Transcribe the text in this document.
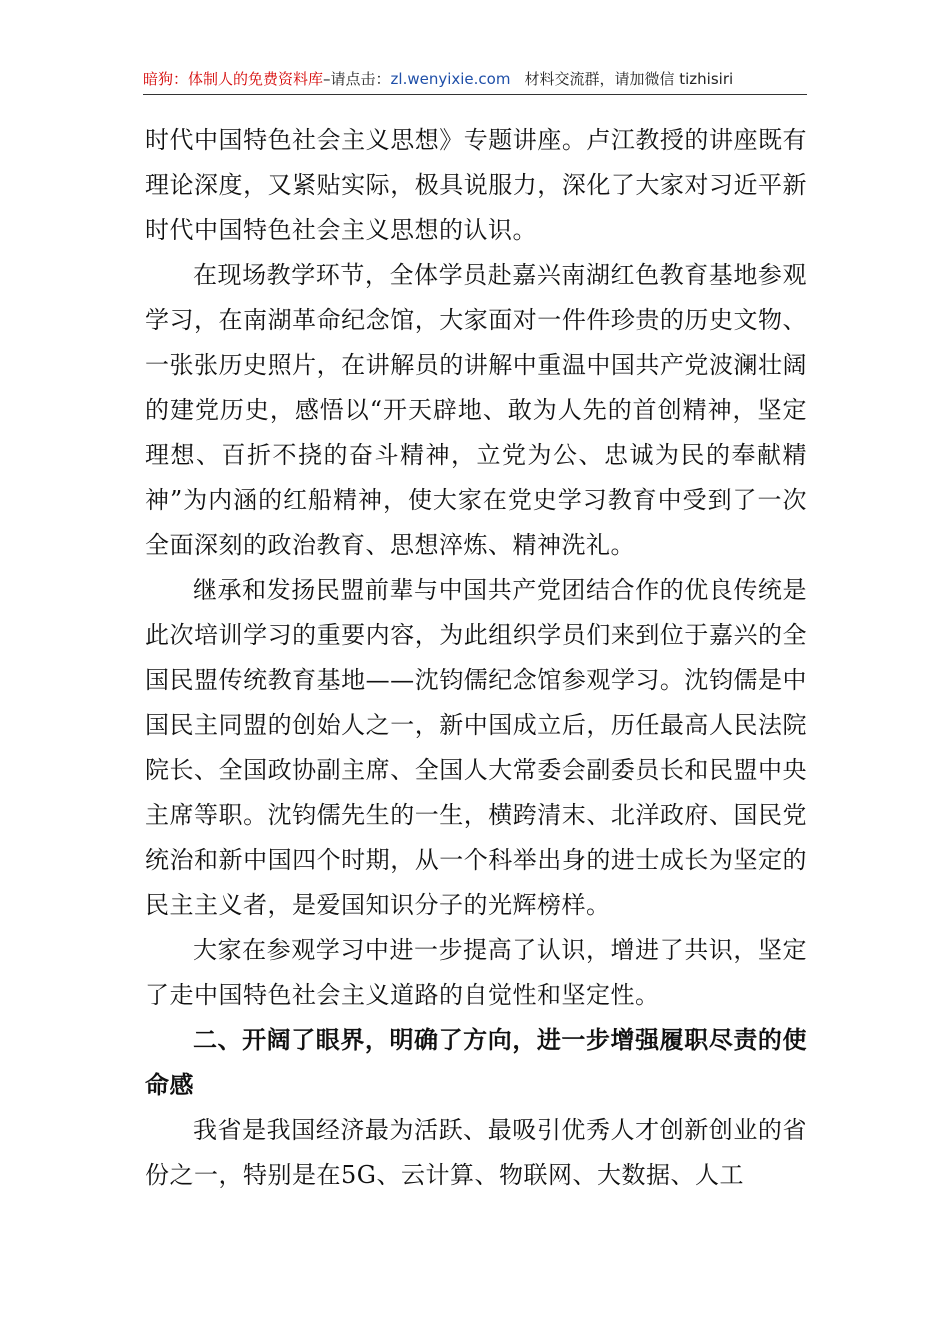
暗狗：体制人的免费资料库–请点击：zl.wenyixie.com 材料交流群，请加微信 tizhisiri

时代中国特色社会主义思想》专题讲座。卢江教授的讲座既有理论深度，又紧贴实际，极具说服力，深化了大家对习近平新时代中国特色社会主义思想的认识。

在现场教学环节，全体学员赴嘉兴南湖红色教育基地参观学习，在南湖革命纪念馆，大家面对一件件珍贵的历史文物、一张张历史照片，在讲解员的讲解中重温中国共产党波澜壮阔的建党历史，感悟以“开天辟地、敢为人先的首创精神，坚定理想、百折不挠的奋斗精神，立党为公、忠诚为民的奉献精神”为内涵的红船精神，使大家在党史学习教育中受到了一次全面深刻的政治教育、思想淬炼、精神洗礼。

继承和发扬民盟前辈与中国共产党团结合作的优良传统是此次培训学习的重要内容，为此组织学员们来到位于嘉兴的全国民盟传统教育基地——沈钧儒纪念馆参观学习。沈钧儒是中国民主同盟的创始人之一，新中国成立后，历任最高人民法院院长、全国政协副主席、全国人大常委会副委员长和民盟中央主席等职。沈钧儒先生的一生，横跨清末、北洋政府、国民党统治和新中国四个时期，从一个科举出身的进士成长为坚定的民主主义者，是爱国知识分子的光辉榜样。

大家在参观学习中进一步提高了认识，增进了共识，坚定了走中国特色社会主义道路的自觉性和坚定性。

二、开阔了眼界，明确了方向，进一步增强履职尽责的使命感

我省是我国经济最为活跃、最吸引优秀人才创新创业的省份之一，特别是在5G、云计算、物联网、大数据、人工
